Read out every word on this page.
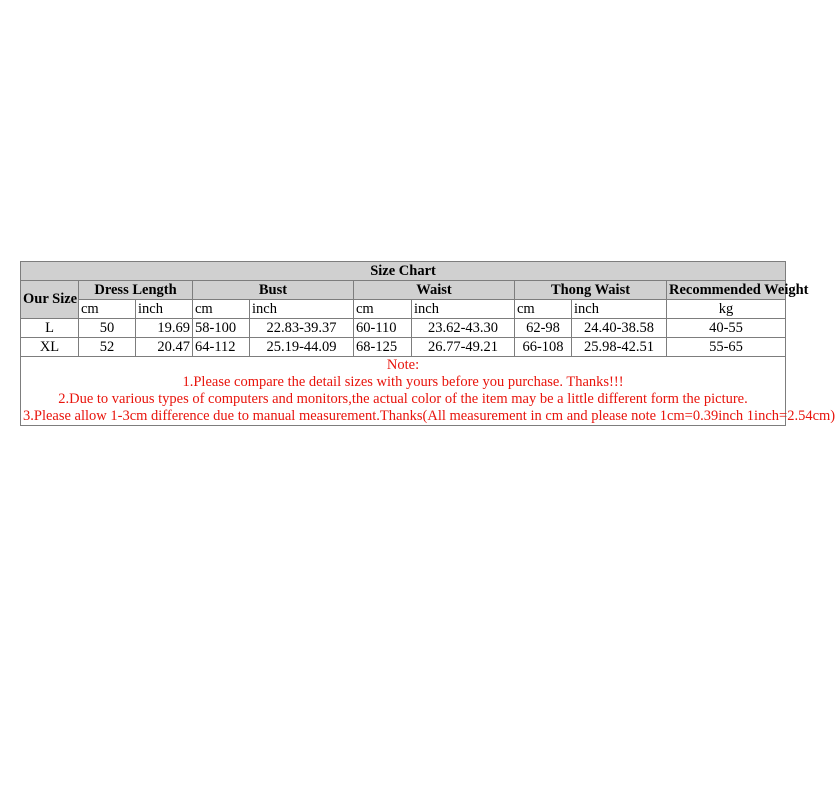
Size Chart									
Our Size	Dress Length		Bust		Waist		Thong Waist		Recommended Weight
	cm	inch	cm	inch	cm	inch	cm	inch	kg
L	50	19.69	58-100	22.83-39.37	60-110	23.62-43.30	62-98	24.40-38.58	40-55
XL	52	20.47	64-112	25.19-44.09	68-125	26.77-49.21	66-108	25.98-42.51	55-65

Note:
1.Please compare the detail sizes with yours before you purchase. Thanks!!!
2.Due to various types of computers and monitors,the actual color of the item may be a little different form the picture.
3.Please allow 1-3cm difference due to manual measurement.Thanks(All measurement in cm and please note 1cm=0.39inch 1inch=2.54cm)									
